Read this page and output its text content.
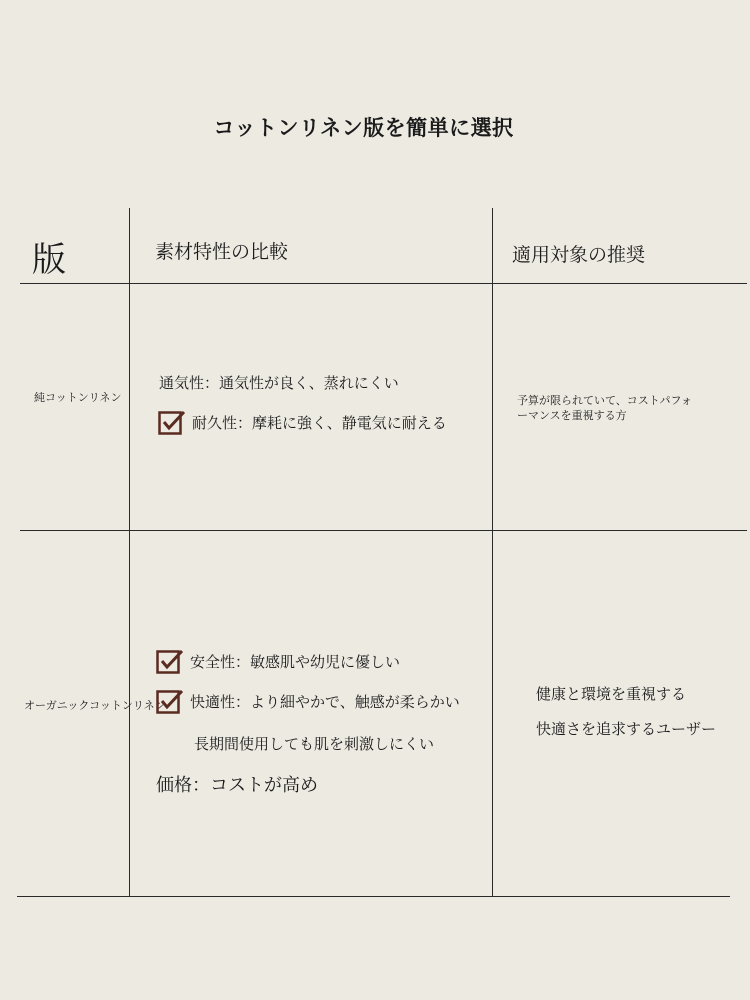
コットンリネン版を簡単に選択
版	素材特性の比較	適用対象の推奨
純コットンリネン
通気性：通気性が良く、蒸れにくい
耐久性：摩耗に強く、静電気に耐える
予算が限られていて、コストパフォ
ーマンスを重視する方
オーガニックコットンリネン
安全性：敏感肌や幼児に優しい
快適性：より細やかで、触感が柔らかい
長期間使用しても肌を刺激しにくい
価格：コストが高め
健康と環境を重視する
快適さを追求するユーザー
